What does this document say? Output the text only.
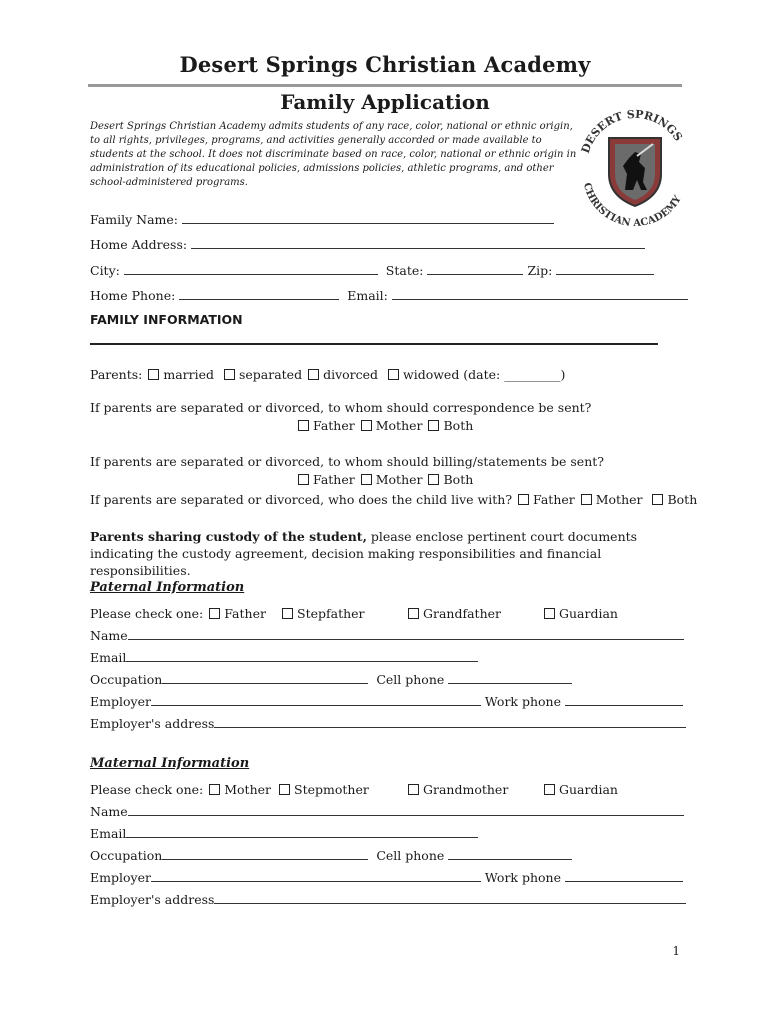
Desert Springs Christian Academy
Family Application
Desert Springs Christian Academy admits students of any race, color, national or ethnic origin, to all rights, privileges, programs, and activities generally accorded or made available to students at the school. It does not discriminate based on race, color, national or ethnic origin in administration of its educational policies, admissions policies, athletic programs, and other school-administered programs.
DESERT SPRINGS
CHRISTIAN ACADEMY
Family Name:
Home Address:
City:	State:	Zip:
Home Phone:	Email:
FAMILY INFORMATION
Parents: married separated divorced widowed (date: _________)
If parents are separated or divorced, to whom should correspondence be sent?
Father Mother Both
If parents are separated or divorced, to whom should billing/statements be sent?
Father Mother Both
If parents are separated or divorced, who does the child live with? Father Mother Both
Parents sharing custody of the student, please enclose pertinent court documents indicating the custody agreement, decision making responsibilities and financial responsibilities.
Paternal Information
Please check one: Father	Stepfather	Grandfather	Guardian
Name
Email
Occupation	Cell phone
Employer	Work phone
Employer's address
Maternal Information
Please check one: Mother	Stepmother	Grandmother	Guardian
Name
Email
Occupation	Cell phone
Employer	Work phone
Employer's address
1
